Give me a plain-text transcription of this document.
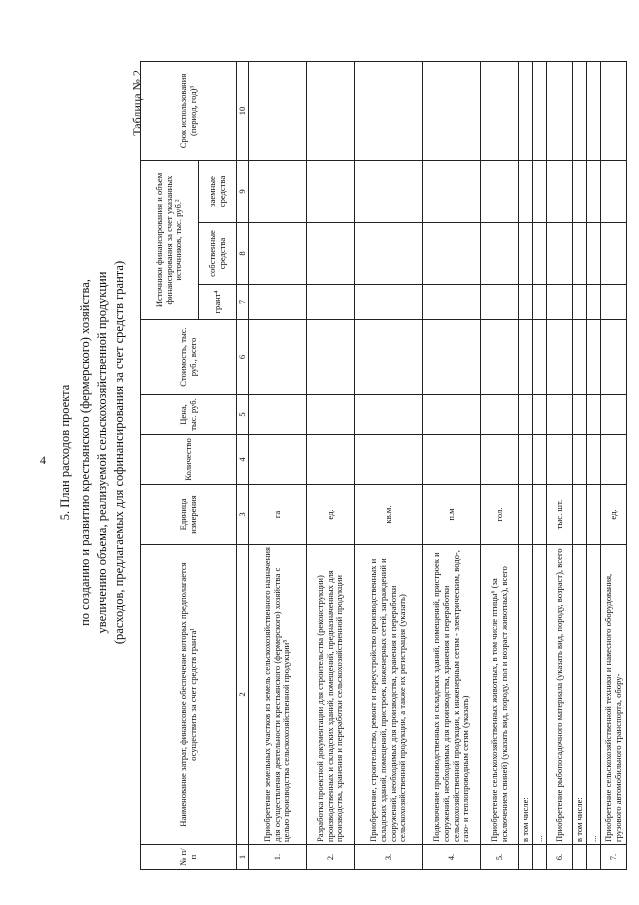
4 5. План расходов проекта по созданию и развитию крестьянского (фермерского) хозяйства, увеличению объема, реализуемой сельскохозяйственной продукции (расходов, предлагаемых для софинансирования за счет средств гранта)
Таблица № 2
№ п/п	Наименование затрат, финансовое обеспечение которых предполагается осуществить за счет средств гранта¹	Единица измерения	Количество	Цена, тыс. руб.	Стоимость, тыс. руб., всего	Источники финансирования и объем финансирования за счет указанных источников, тыс. руб.²			Срок использования (период, год)³
						грант⁴	собственные средства	заемные средства	
1	2	3	4	5	6	7	8	9	10
1.	Приобретение земельных участков из земель сельскохозяйственного назначения для осуществления деятельности крестьянского (фермерского) хозяйства с целью производства сельскохозяйственной продукции⁵	га							
2.	Разработка проектной документации для строительства (реконструкции) производственных и складских зданий, помещений, предназначенных для производства, хранения и переработки сельскохозяйственной продукции	ед.							
3.	Приобретение, строительство, ремонт и переустройство производственных и складских зданий, помещений, пристроек, инженерных сетей, заграждений и сооружений, необходимых для производства, хранения и переработки сельскохозяйственной продукции, а также их регистрация (указать)	кв.м.							
4.	Подключение производственных и складских зданий, помещений, пристроек и сооружений, необходимых для производства, хранения и переработки сельскохозяйственной продукции, к инженерным сетям - электрическим, водо-, газо- и теплопроводным сетям (указать)	п.м							
5.	Приобретение сельскохозяйственных животных, в том числе птицы⁶ (за исключением свиней) (указать вид, породу, пол и возраст животных), всего	гол.							
	в том числе:								
	...								
6.	Приобретение рыбопосадочного материала (указать вид, породу, возраст), всего	тыс. шт.							
	в том числе:								
	...								
7.	Приобретение сельскохозяйственной техники и навесного оборудования, грузового автомобильного транспорта, обору-	ед.							
